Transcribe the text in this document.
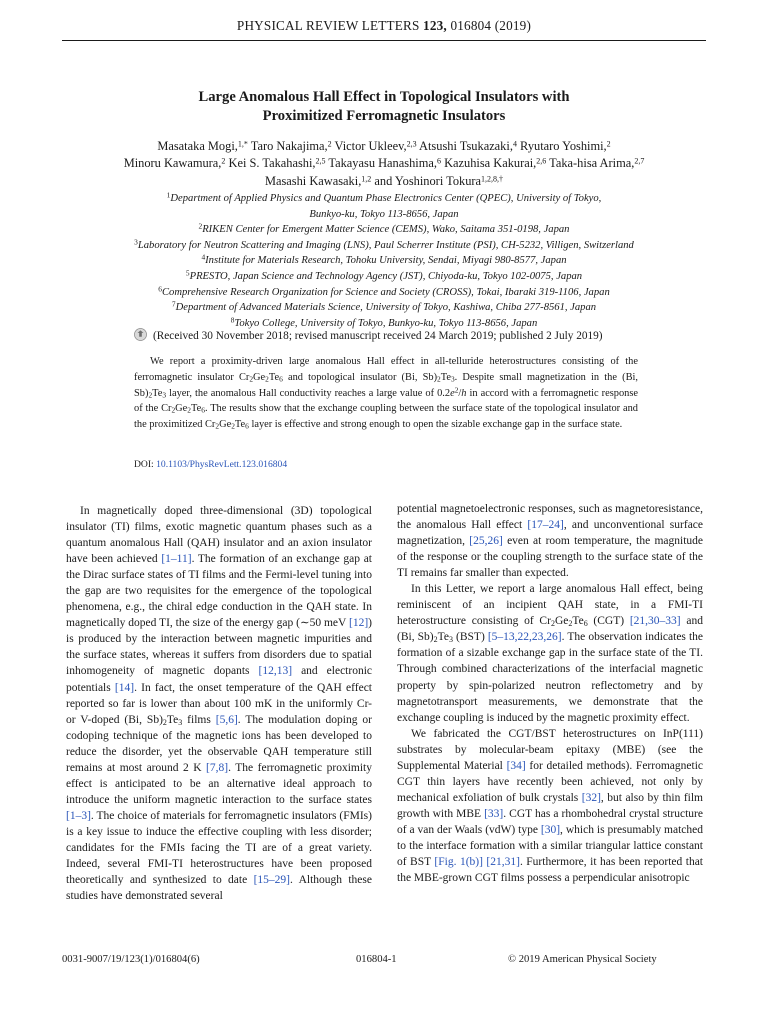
PHYSICAL REVIEW LETTERS 123, 016804 (2019)
Large Anomalous Hall Effect in Topological Insulators with
Proximitized Ferromagnetic Insulators
Masataka Mogi,$^{1,*}$ Taro Nakajima,$^2$ Victor Ukleev,$^{2,3}$ Atsushi Tsukazaki,$^4$ Ryutaro Yoshimi,$^2$
Minoru Kawamura,$^2$ Kei S. Takahashi,$^{2,5}$ Takayasu Hanashima,$^6$ Kazuhisa Kakurai,$^{2,6}$ Taka-hisa Arima,$^{2,7}$
Masashi Kawasaki,$^{1,2}$ and Yoshinori Tokura$^{1,2,8,\dagger}$
$^1$Department of Applied Physics and Quantum Phase Electronics Center (QPEC), University of Tokyo,
Bunkyo-ku, Tokyo 113-8656, Japan
$^2$RIKEN Center for Emergent Matter Science (CEMS), Wako, Saitama 351-0198, Japan
$^3$Laboratory for Neutron Scattering and Imaging (LNS), Paul Scherrer Institute (PSI), CH-5232, Villigen, Switzerland
$^4$Institute for Materials Research, Tohoku University, Sendai, Miyagi 980-8577, Japan
$^5$PRESTO, Japan Science and Technology Agency (JST), Chiyoda-ku, Tokyo 102-0075, Japan
$^6$Comprehensive Research Organization for Science and Society (CROSS), Tokai, Ibaraki 319-1106, Japan
$^7$Department of Advanced Materials Science, University of Tokyo, Kashiwa, Chiba 277-8561, Japan
$^8$Tokyo College, University of Tokyo, Bunkyo-ku, Tokyo 113-8656, Japan
(Received 30 November 2018; revised manuscript received 24 March 2019; published 2 July 2019)
We report a proximity-driven large anomalous Hall effect in all-telluride heterostructures consisting of the ferromagnetic insulator $Cr_2Ge_2Te_6$ and topological insulator (Bi, $Sb)_2Te_3$. Despite small magnetization in the (Bi, $Sb)_2Te_3$ layer, the anomalous Hall conductivity reaches a large value of $0.2e^2/h$ in accord with a ferromagnetic response of the $Cr_2Ge_2Te_6$. The results show that the exchange coupling between the surface state of the topological insulator and the proximitized $Cr_2Ge_2Te_6$ layer is effective and strong enough to open the sizable exchange gap in the surface state.
DOI: 10.1103/PhysRevLett.123.016804

In magnetically doped three-dimensional (3D) topological insulator (TI) films, exotic magnetic quantum phases such as a quantum anomalous Hall (QAH) insulator and an axion insulator have been achieved [1–11]. The formation of an exchange gap at the Dirac surface states of TI films and the Fermi-level tuning into the gap are two requisites for the emergence of the topological phenomena, e.g., the chiral edge conduction in the QAH state. In magnetically doped TI, the size of the energy gap (∼50 meV [12]) is produced by the interaction between magnetic impurities and the surface states, whereas it suffers from disorders due to spatial inhomogeneity of magnetic dopants [12,13] and electronic potentials [14]. In fact, the onset temperature of the QAH effect reported so far is lower than about 100 mK in the uniformly Cr- or V-doped (Bi, $Sb)_2Te_3$ films [5,6]. The modulation doping or codoping technique of the magnetic ions has been developed to reduce the disorder, yet the observable QAH temperature still remains at most around 2 K [7,8]. The ferromagnetic proximity effect is anticipated to be an alternative ideal approach to introduce the uniform magnetic interaction to the surface states [1–3]. The choice of materials for ferromagnetic insulators (FMIs) is a key issue to induce the effective coupling with less disorder; candidates for the FMIs facing the TI are of a great variety. Indeed, several FMI-TI heterostructures have been proposed theoretically and synthesized to date [15–29]. Although these studies have demonstrated several

potential magnetoelectronic responses, such as magnetoresistance, the anomalous Hall effect [17–24], and unconventional surface magnetization, [25,26] even at room temperature, the magnitude of the response or the coupling strength to the surface state of the TI remains far smaller than expected.

In this Letter, we report a large anomalous Hall effect, being reminiscent of an incipient QAH state, in a FMI-TI heterostructure consisting of $Cr_2Ge_2Te_6$ (CGT) [21,30–33] and (Bi, $Sb)_2Te_3$ (BST) [5–13,22,23,26]. The observation indicates the formation of a sizable exchange gap in the surface state of the TI. Through combined characterizations of the interfacial magnetic property by spin-polarized neutron reflectometry and by magnetotransport measurements, we demonstrate that the exchange coupling is induced by the magnetic proximity effect.

We fabricated the CGT/BST heterostructures on InP(111) substrates by molecular-beam epitaxy (MBE) (see the Supplemental Material [34] for detailed methods). Ferromagnetic CGT thin layers have recently been achieved, not only by mechanical exfoliation of bulk crystals [32], but also by thin film growth with MBE [33]. CGT has a rhombohedral crystal structure of a van der Waals (vdW) type [30], which is presumably matched to the interface formation with a similar triangular lattice constant of BST [Fig. 1(b)] [21,31]. Furthermore, it has been reported that the MBE-grown CGT films possess a perpendicular anisotropic

0031-9007/19/123(1)/016804(6)	016804-1	© 2019 American Physical Society
